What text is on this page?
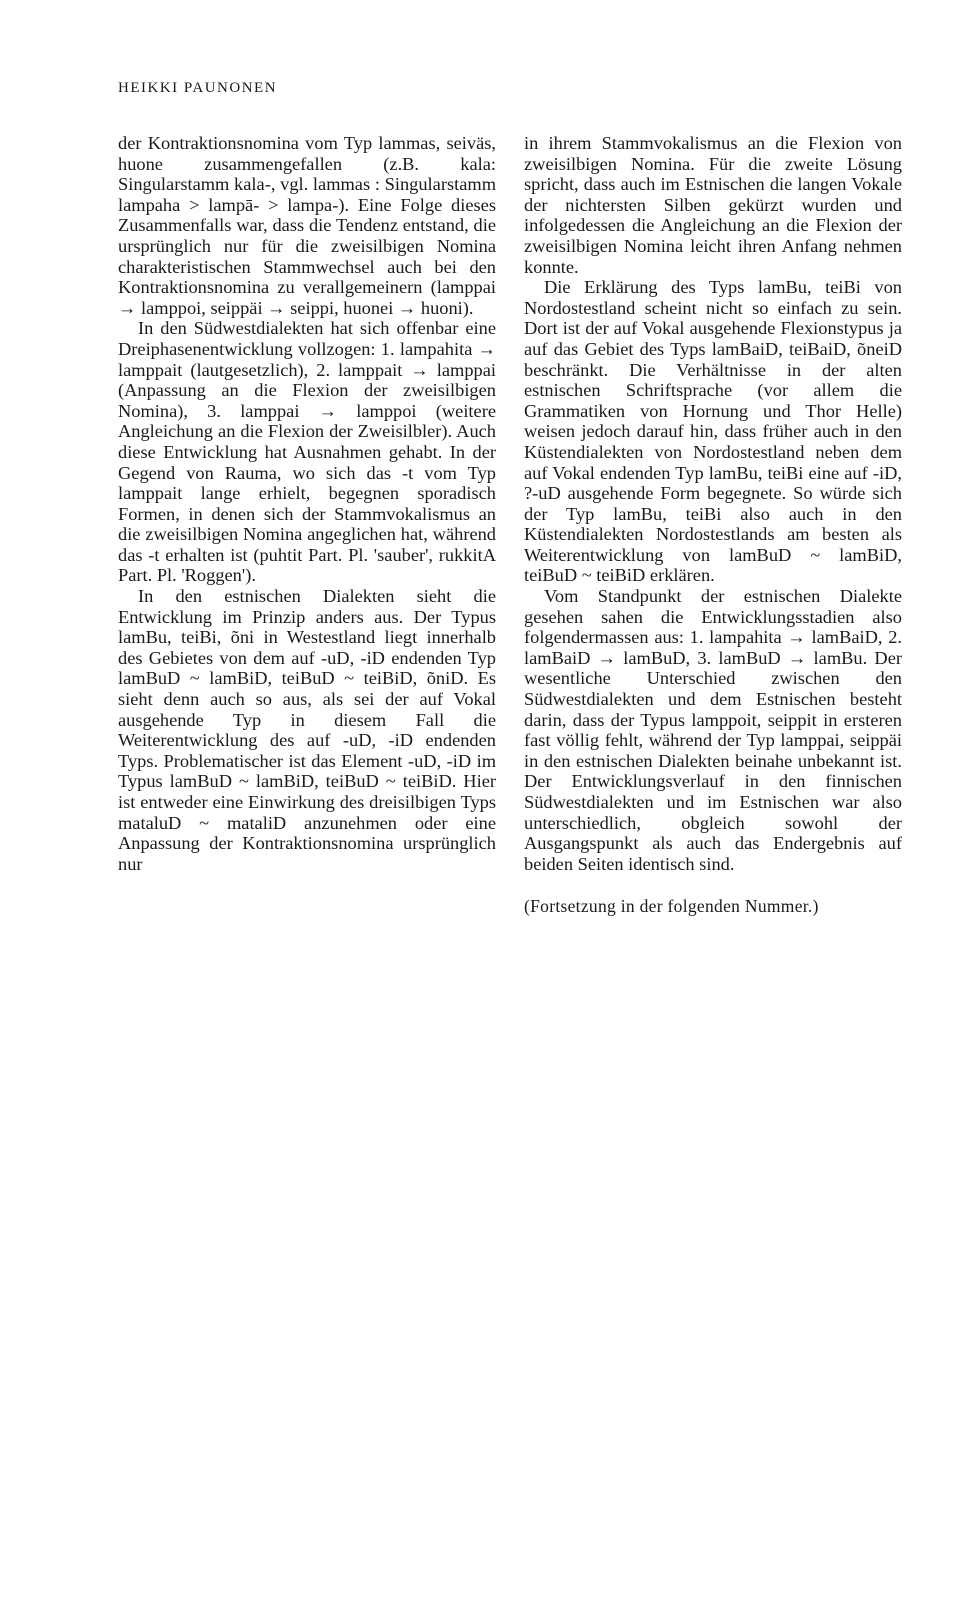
HEIKKI PAUNONEN

der Kontraktionsnomina vom Typ lammas, seiväs, huone zusammengefallen (z.B. kala: Singularstamm kala-, vgl. lammas : Singularstamm lampaha > lampā- > lampa-). Eine Folge dieses Zusammenfalls war, dass die Tendenz entstand, die ursprünglich nur für die zweisilbigen Nomina charakteristischen Stammwechsel auch bei den Kontraktionsnomina zu verallgemeinern (lamppai → lamppoi, seippäi → seippi, huonei → huoni).

In den Südwestdialekten hat sich offenbar eine Dreiphasenentwicklung vollzogen: 1. lampahita → lamppait (lautgesetzlich), 2. lamppait → lamppai (Anpassung an die Flexion der zweisilbigen Nomina), 3. lamppai → lamppoi (weitere Angleichung an die Flexion der Zweisilbler). Auch diese Entwicklung hat Ausnahmen gehabt. In der Gegend von Rauma, wo sich das -t vom Typ lamppait lange erhielt, begegnen sporadisch Formen, in denen sich der Stammvokalismus an die zweisilbigen Nomina angeglichen hat, während das -t erhalten ist (puhtit Part. Pl. 'sauber', rukkitA Part. Pl. 'Roggen').

In den estnischen Dialekten sieht die Entwicklung im Prinzip anders aus. Der Typus lamBu, teiBi, õni in Westestland liegt innerhalb des Gebietes von dem auf -uD, -iD endenden Typ lamBuD ~ lamBiD, teiBuD ~ teiBiD, õniD. Es sieht denn auch so aus, als sei der auf Vokal ausgehende Typ in diesem Fall die Weiterentwicklung des auf -uD, -iD endenden Typs. Problematischer ist das Element -uD, -iD im Typus lamBuD ~ lamBiD, teiBuD ~ teiBiD. Hier ist entweder eine Einwirkung des dreisilbigen Typs mataluD ~ mataliD anzunehmen oder eine Anpassung der Kontraktionsnomina ursprünglich nur

in ihrem Stammvokalismus an die Flexion von zweisilbigen Nomina. Für die zweite Lösung spricht, dass auch im Estnischen die langen Vokale der nichtersten Silben gekürzt wurden und infolgedessen die Angleichung an die Flexion der zweisilbigen Nomina leicht ihren Anfang nehmen konnte.

Die Erklärung des Typs lamBu, teiBi von Nordostestland scheint nicht so einfach zu sein. Dort ist der auf Vokal ausgehende Flexionstypus ja auf das Gebiet des Typs lamBaiD, teiBaiD, õneiD beschränkt. Die Verhältnisse in der alten estnischen Schriftsprache (vor allem die Grammatiken von Hornung und Thor Helle) weisen jedoch darauf hin, dass früher auch in den Küstendialekten von Nordostestland neben dem auf Vokal endenden Typ lamBu, teiBi eine auf -iD, ?-uD ausgehende Form begegnete. So würde sich der Typ lamBu, teiBi also auch in den Küstendialekten Nordostestlands am besten als Weiterentwicklung von lamBuD ~ lamBiD, teiBuD ~ teiBiD erklären.

Vom Standpunkt der estnischen Dialekte gesehen sahen die Entwicklungsstadien also folgendermassen aus: 1. lampahita → lamBaiD, 2. lamBaiD → lamBuD, 3. lamBuD → lamBu. Der wesentliche Unterschied zwischen den Südwestdialekten und dem Estnischen besteht darin, dass der Typus lamppoit, seippit in ersteren fast völlig fehlt, während der Typ lamppai, seippäi in den estnischen Dialekten beinahe unbekannt ist. Der Entwicklungsverlauf in den finnischen Südwestdialekten und im Estnischen war also unterschiedlich, obgleich sowohl der Ausgangspunkt als auch das Endergebnis auf beiden Seiten identisch sind.

(Fortsetzung in der folgenden Nummer.)
